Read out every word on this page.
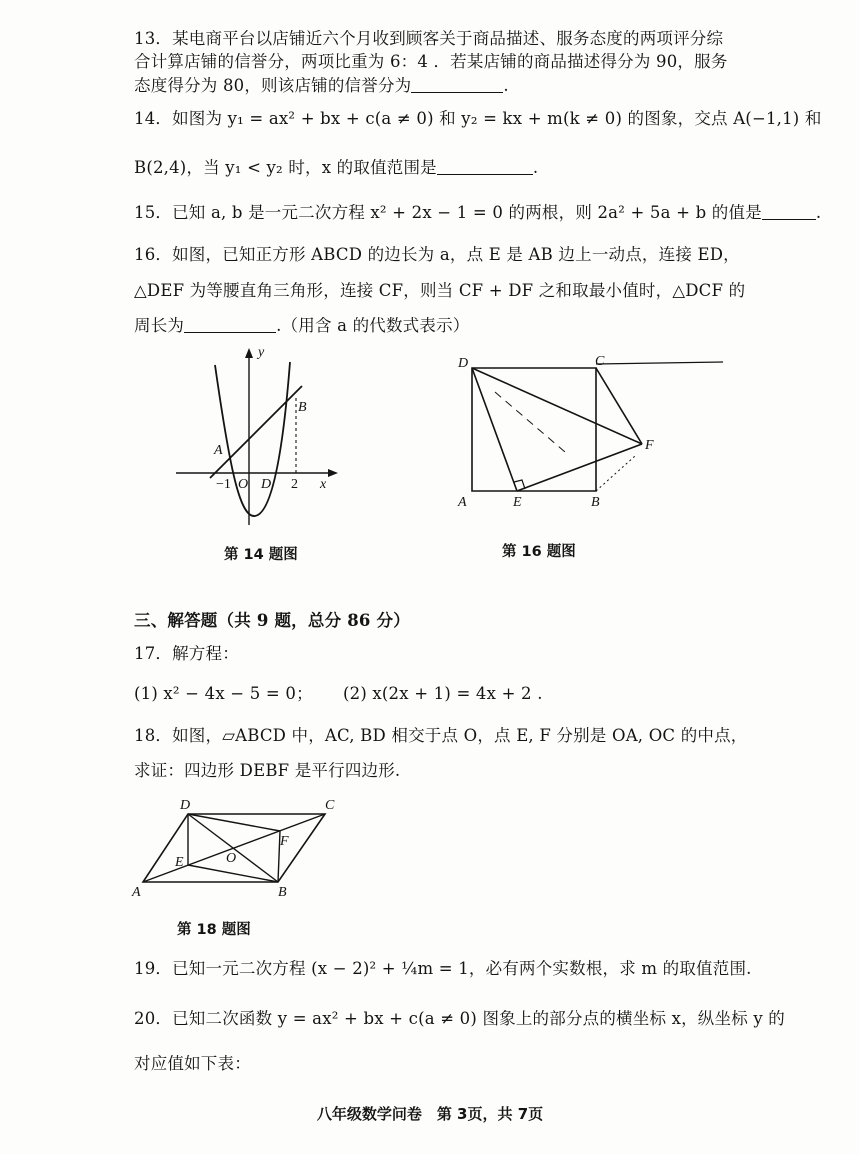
13．某电商平台以店铺近六个月收到顾客关于商品描述、服务态度的两项评分综
合计算店铺的信誉分，两项比重为 6：4 ．若某店铺的商品描述得分为 90，服务
态度得分为 80，则该店铺的信誉分为	.
14．如图为 y₁ = ax² + bx + c(a ≠ 0) 和 y₂ = kx + m(k ≠ 0) 的图象，交点 A(−1,1) 和
B(2,4)，当 y₁ < y₂ 时，x 的取值范围是	.
15．已知 a, b 是一元二次方程 x² + 2x − 1 = 0 的两根，则 2a² + 5a + b 的值是	.
16．如图，已知正方形 ABCD 的边长为 a，点 E 是 AB 边上一动点，连接 ED，
△DEF 为等腰直角三角形，连接 CF，则当 CF + DF 之和取最小值时，△DCF 的
周长为	.（用含 a 的代数式表示）
y
x
A
B
−1 O D 2
第 14 题图
D	C
F
A	E	B
第 16 题图
三、解答题（共 9 题，总分 86 分）
17．解方程：
(1) x² − 4x − 5 = 0； (2) x(2x + 1) = 4x + 2 .
18．如图，▱ABCD 中，AC, BD 相交于点 O，点 E, F 分别是 OA, OC 的中点，
求证：四边形 DEBF 是平行四边形.
D	C
E	O
F
A	B
第 18 题图
19．已知一元二次方程 (x − 2)² + ¼m = 1，必有两个实数根，求 m 的取值范围.
20．已知二次函数 y = ax² + bx + c(a ≠ 0) 图象上的部分点的横坐标 x，纵坐标 y 的
对应值如下表：
八年级数学问卷　第 3页，共 7页
